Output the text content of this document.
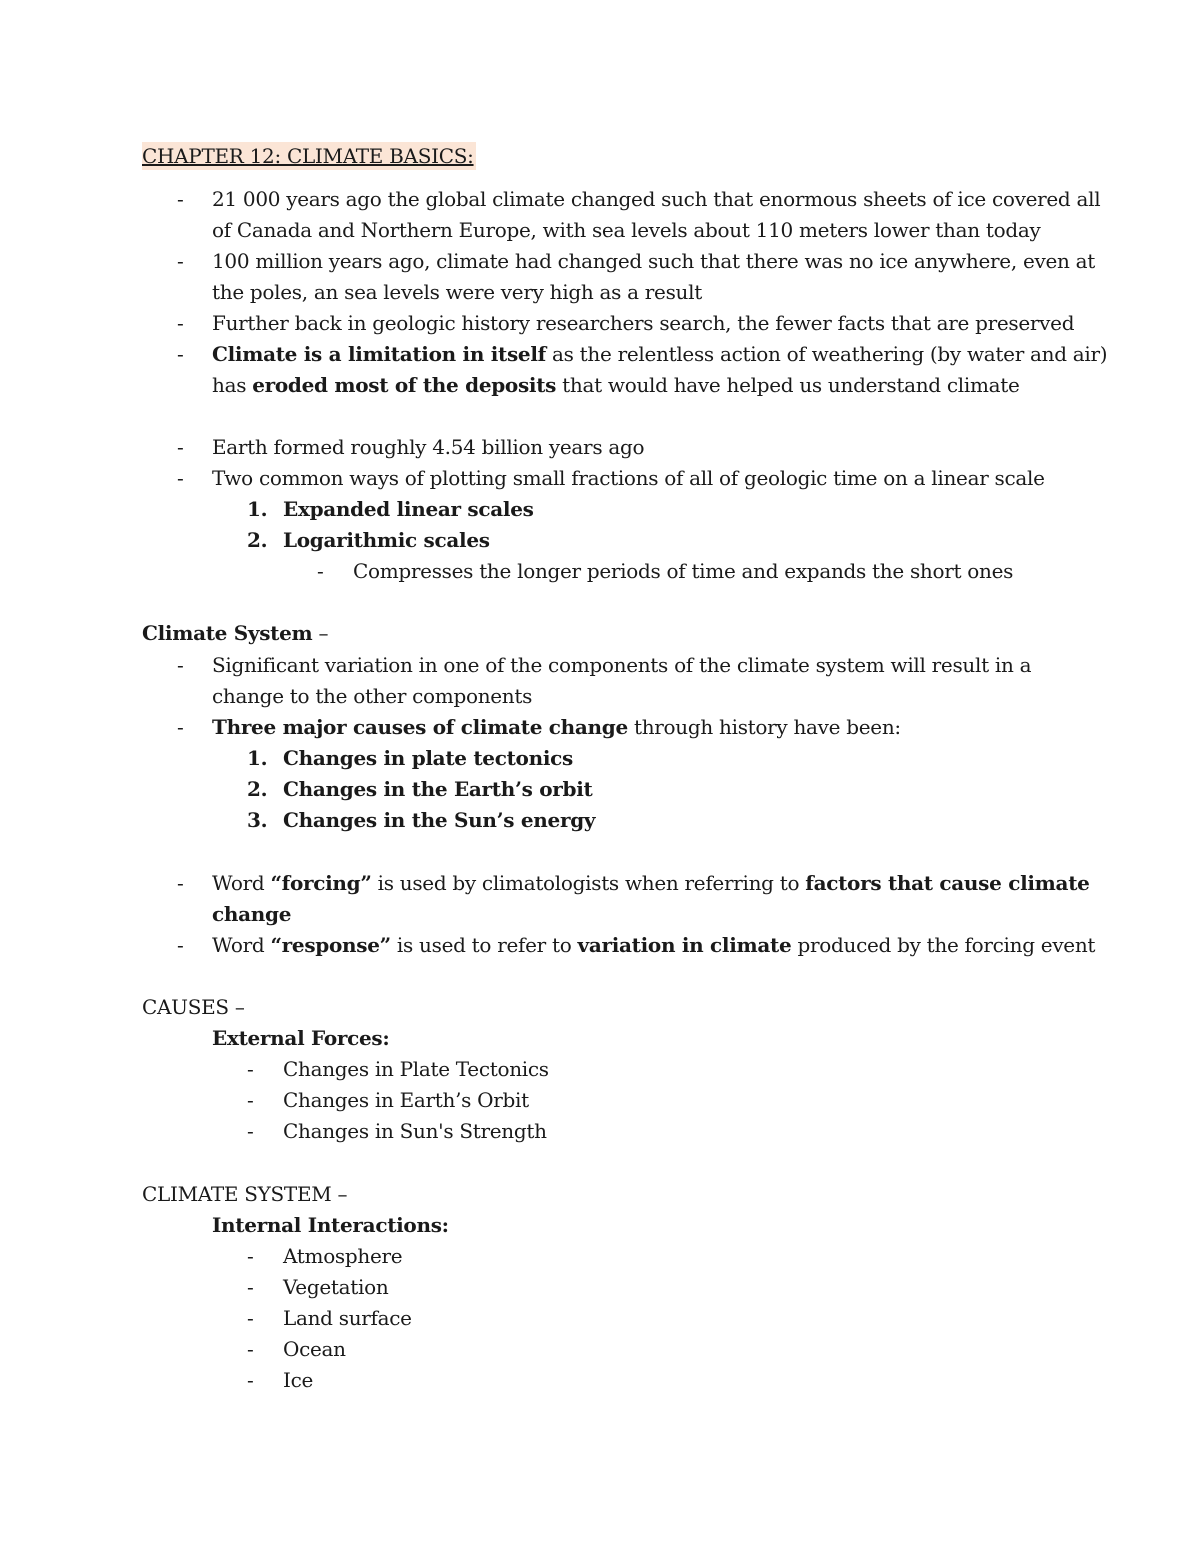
CHAPTER 12: CLIMATE BASICS:
- 21 000 years ago the global climate changed such that enormous sheets of ice covered all
of Canada and Northern Europe, with sea levels about 110 meters lower than today
- 100 million years ago, climate had changed such that there was no ice anywhere, even at
the poles, an sea levels were very high as a result
- Further back in geologic history researchers search, the fewer facts that are preserved
- Climate is a limitation in itself as the relentless action of weathering (by water and air)
has eroded most of the deposits that would have helped us understand climate
- Earth formed roughly 4.54 billion years ago
- Two common ways of plotting small fractions of all of geologic time on a linear scale
1. Expanded linear scales
2. Logarithmic scales
- Compresses the longer periods of time and expands the short ones
Climate System –
- Significant variation in one of the components of the climate system will result in a
change to the other components
- Three major causes of climate change through history have been:
1. Changes in plate tectonics
2. Changes in the Earth’s orbit
3. Changes in the Sun’s energy
- Word “forcing” is used by climatologists when referring to factors that cause climate
change
- Word “response” is used to refer to variation in climate produced by the forcing event
CAUSES –
External Forces:
- Changes in Plate Tectonics
- Changes in Earth’s Orbit
- Changes in Sun's Strength
CLIMATE SYSTEM –
Internal Interactions:
- Atmosphere
- Vegetation
- Land surface
- Ocean
- Ice
